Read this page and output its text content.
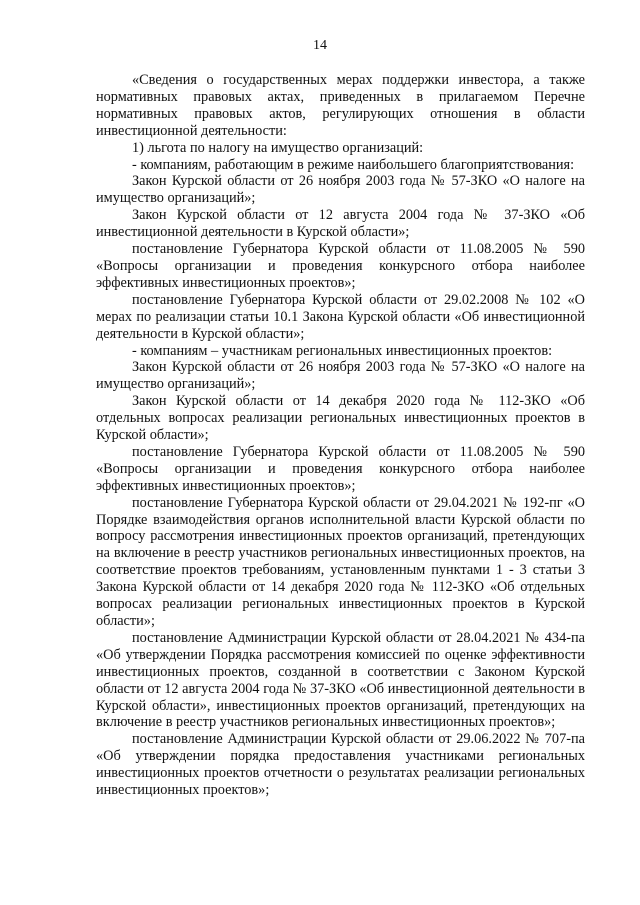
14

«Сведения о государственных мерах поддержки инвестора, а также нормативных правовых актах, приведенных в прилагаемом Перечне нормативных правовых актов, регулирующих отношения в области инвестиционной деятельности:

1) льгота по налогу на имущество организаций:

- компаниям, работающим в режиме наибольшего благоприятствования:

Закон Курской области от 26 ноября 2003 года № 57-ЗКО «О налоге на имущество организаций»;

Закон Курской области от 12 августа 2004 года № 37-ЗКО «Об инвестиционной деятельности в Курской области»;

постановление Губернатора Курской области от 11.08.2005 № 590 «Вопросы организации и проведения конкурсного отбора наиболее эффективных инвестиционных проектов»;

постановление Губернатора Курской области от 29.02.2008 № 102 «О мерах по реализации статьи 10.1 Закона Курской области «Об инвестиционной деятельности в Курской области»;

- компаниям – участникам региональных инвестиционных проектов:

Закон Курской области от 26 ноября 2003 года № 57-ЗКО «О налоге на имущество организаций»;

Закон Курской области от 14 декабря 2020 года № 112-ЗКО «Об отдельных вопросах реализации региональных инвестиционных проектов в Курской области»;

постановление Губернатора Курской области от 11.08.2005 № 590 «Вопросы организации и проведения конкурсного отбора наиболее эффективных инвестиционных проектов»;

постановление Губернатора Курской области от 29.04.2021 № 192-пг «О Порядке взаимодействия органов исполнительной власти Курской области по вопросу рассмотрения инвестиционных проектов организаций, претендующих на включение в реестр участников региональных инвестиционных проектов, на соответствие проектов требованиям, установленным пунктами 1 - 3 статьи 3 Закона Курской области от 14 декабря 2020 года № 112-ЗКО «Об отдельных вопросах реализации региональных инвестиционных проектов в Курской области»;

постановление Администрации Курской области от 28.04.2021 № 434-па «Об утверждении Порядка рассмотрения комиссией по оценке эффективности инвестиционных проектов, созданной в соответствии с Законом Курской области от 12 августа 2004 года № 37-ЗКО «Об инвестиционной деятельности в Курской области», инвестиционных проектов организаций, претендующих на включение в реестр участников региональных инвестиционных проектов»;

постановление Администрации Курской области от 29.06.2022 № 707-па «Об утверждении порядка предоставления участниками региональных инвестиционных проектов отчетности о результатах реализации региональных инвестиционных проектов»;
